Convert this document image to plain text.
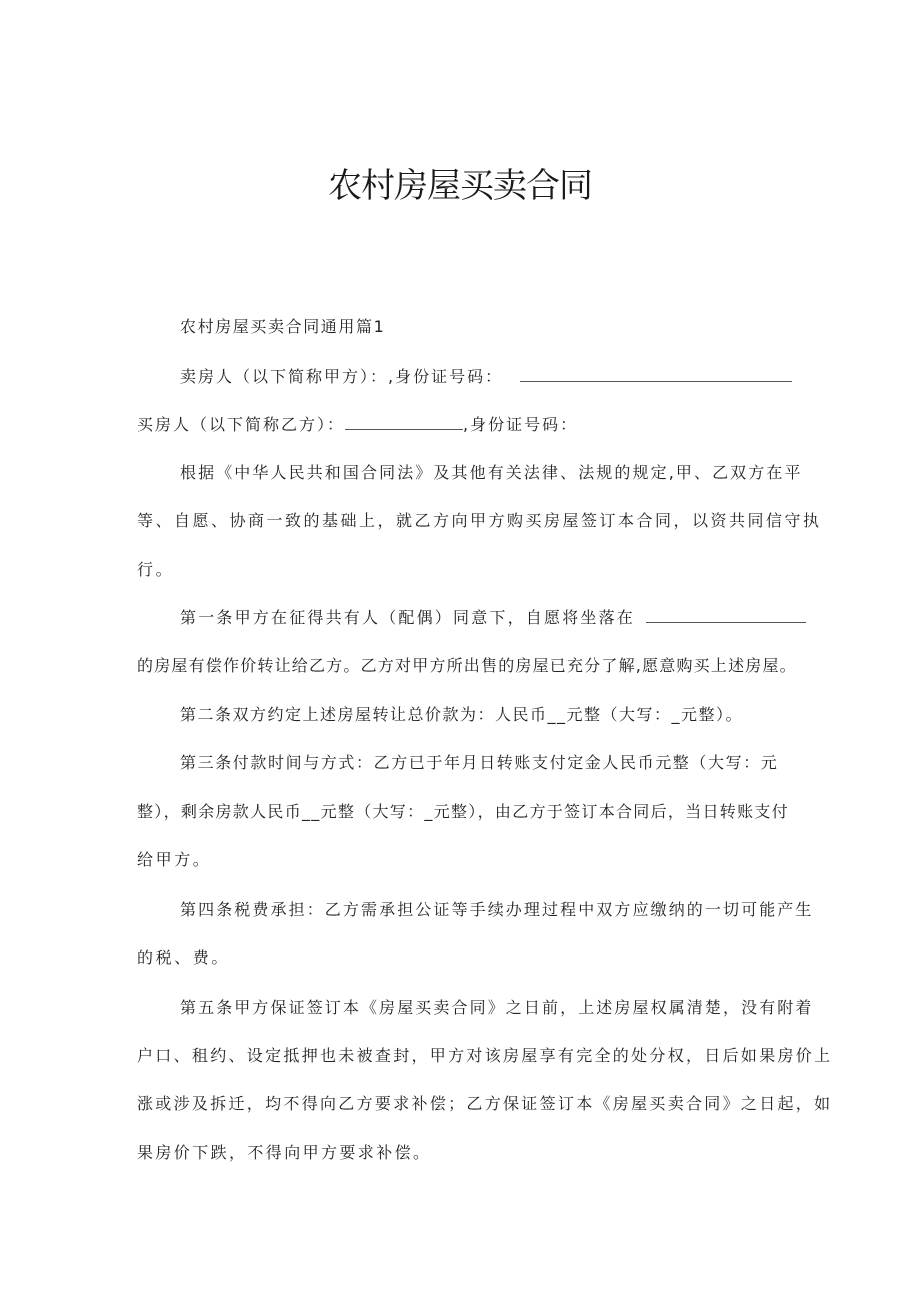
农村房屋买卖合同
农村房屋买卖合同通用篇1
卖房人（以下简称甲方）：,身份证号码：
买房人（以下简称乙方）：	,身份证号码：
根据《中华人民共和国合同法》及其他有关法律、法规的规定,甲、乙双方在平
等、自愿、协商一致的基础上，就乙方向甲方购买房屋签订本合同，以资共同信守执
行。
第一条甲方在征得共有人（配偶）同意下，自愿将坐落在
的房屋有偿作价转让给乙方。乙方对甲方所出售的房屋已充分了解,愿意购买上述房屋。
第二条双方约定上述房屋转让总价款为：人民币__元整（大写：_元整）。
第三条付款时间与方式：乙方已于年月日转账支付定金人民币元整（大写：元
整），剩余房款人民币__元整（大写：_元整），由乙方于签订本合同后，当日转账支付
给甲方。
第四条税费承担：乙方需承担公证等手续办理过程中双方应缴纳的一切可能产生
的税、费。
第五条甲方保证签订本《房屋买卖合同》之日前，上述房屋权属清楚，没有附着
户口、租约、设定抵押也未被查封，甲方对该房屋享有完全的处分权，日后如果房价上
涨或涉及拆迁，均不得向乙方要求补偿；乙方保证签订本《房屋买卖合同》之日起，如
果房价下跌，不得向甲方要求补偿。
